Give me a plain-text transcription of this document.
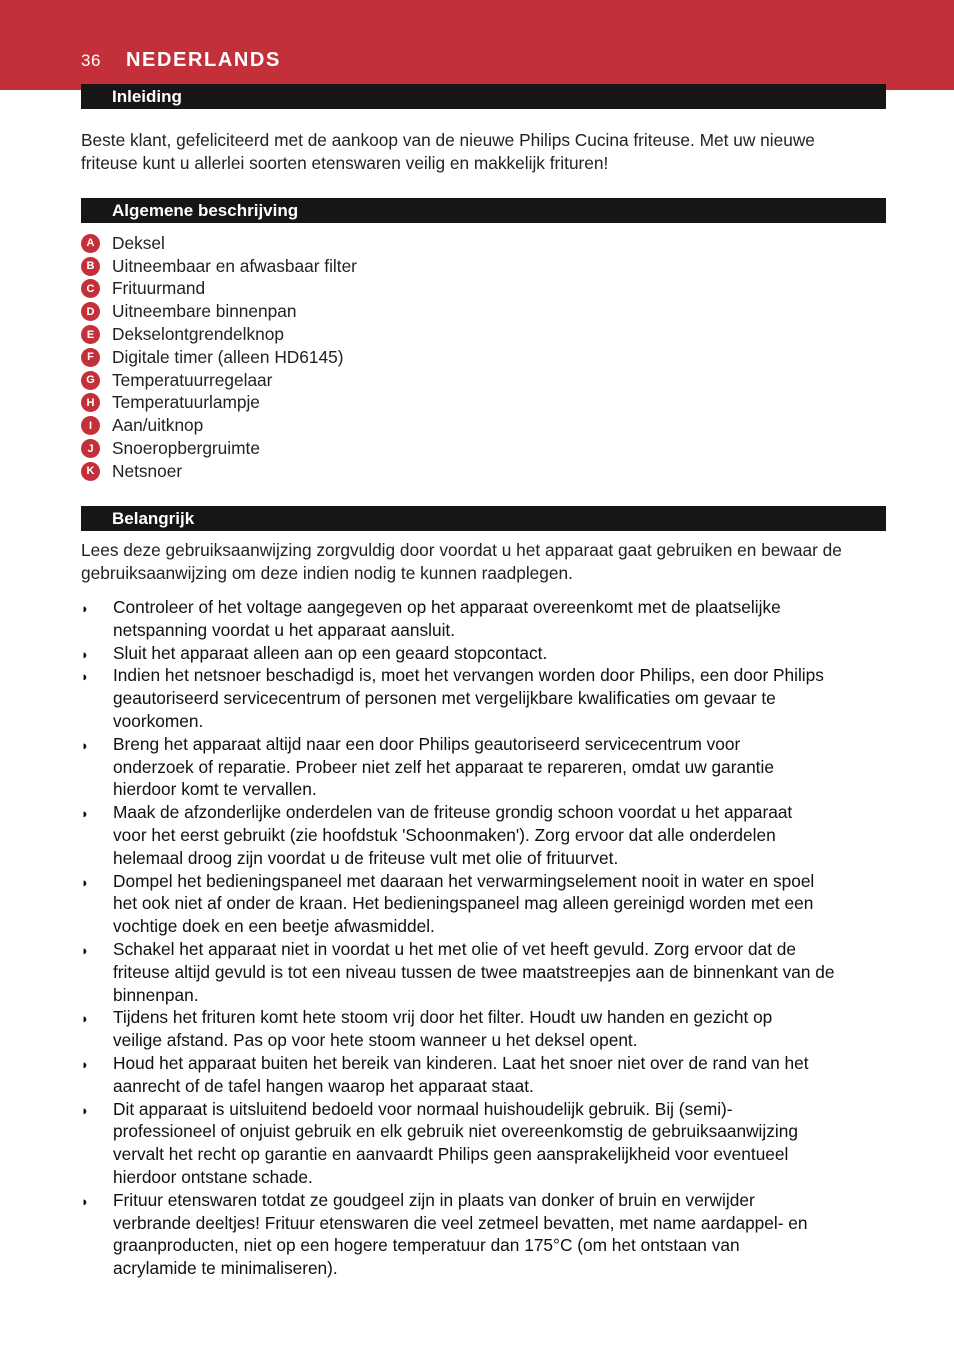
36 NEDERLANDS
Inleiding
Beste klant, gefeliciteerd met de aankoop van de nieuwe Philips Cucina friteuse. Met uw nieuwe
friteuse kunt u allerlei soorten etenswaren veilig en makkelijk frituren!
Algemene beschrijving
A	Deksel
B	Uitneembaar en afwasbaar filter
C	Frituurmand
D	Uitneembare binnenpan
E	Dekselontgrendelknop
F	Digitale timer (alleen HD6145)
G Temperatuurregelaar
H	Temperatuurlampje
I	Aan/uitknop
J	Snoeropbergruimte
K	Netsnoer
Belangrijk
Lees deze gebruiksaanwijzing zorgvuldig door voordat u het apparaat gaat gebruiken en bewaar de
gebruiksaanwijzing om deze indien nodig te kunnen raadplegen.
◗ Controleer of het voltage aangegeven op het apparaat overeenkomt met de plaatselijke
netspanning voordat u het apparaat aansluit.
◗ Sluit het apparaat alleen aan op een geaard stopcontact.
◗ Indien het netsnoer beschadigd is, moet het vervangen worden door Philips, een door Philips
geautoriseerd servicecentrum of personen met vergelijkbare kwalificaties om gevaar te
voorkomen.
◗ Breng het apparaat altijd naar een door Philips geautoriseerd servicecentrum voor
onderzoek of reparatie. Probeer niet zelf het apparaat te repareren, omdat uw garantie
hierdoor komt te vervallen.
◗ Maak de afzonderlijke onderdelen van de friteuse grondig schoon voordat u het apparaat
voor het eerst gebruikt (zie hoofdstuk 'Schoonmaken'). Zorg ervoor dat alle onderdelen
helemaal droog zijn voordat u de friteuse vult met olie of frituurvet.
◗ Dompel het bedieningspaneel met daaraan het verwarmingselement nooit in water en spoel
het ook niet af onder de kraan. Het bedieningspaneel mag alleen gereinigd worden met een
vochtige doek en een beetje afwasmiddel.
◗ Schakel het apparaat niet in voordat u het met olie of vet heeft gevuld. Zorg ervoor dat de
friteuse altijd gevuld is tot een niveau tussen de twee maatstreepjes aan de binnenkant van de
binnenpan.
◗ Tijdens het frituren komt hete stoom vrij door het filter. Houdt uw handen en gezicht op
veilige afstand. Pas op voor hete stoom wanneer u het deksel opent.
◗ Houd het apparaat buiten het bereik van kinderen. Laat het snoer niet over de rand van het
aanrecht of de tafel hangen waarop het apparaat staat.
◗ Dit apparaat is uitsluitend bedoeld voor normaal huishoudelijk gebruik. Bij (semi)-
professioneel of onjuist gebruik en elk gebruik niet overeenkomstig de gebruiksaanwijzing
vervalt het recht op garantie en aanvaardt Philips geen aansprakelijkheid voor eventueel
hierdoor ontstane schade.
◗ Frituur etenswaren totdat ze goudgeel zijn in plaats van donker of bruin en verwijder
verbrande deeltjes! Frituur etenswaren die veel zetmeel bevatten, met name aardappel- en
graanproducten, niet op een hogere temperatuur dan 175°C (om het ontstaan van
acrylamide te minimaliseren).
